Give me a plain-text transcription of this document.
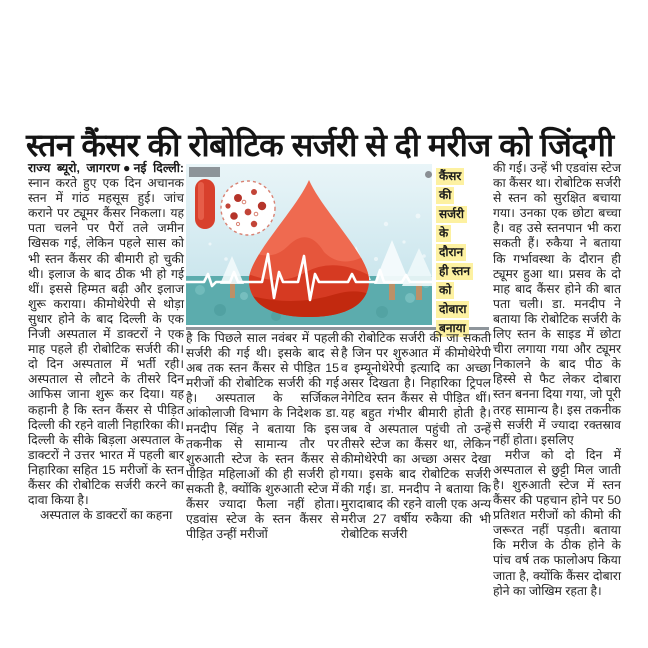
स्तन कैंसर की रोबोटिक सर्जरी से दी मरीज को जिंदगी

राज्य ब्यूरो, जागरण●नई दिल्ली: स्नान करते हुए एक दिन अचानक स्तन में गांठ महसूस हुई। जांच कराने पर ट्यूमर कैंसर निकला। यह पता चलने पर पैरों तले जमीन खिसक गई, लेकिन पहले सास को भी स्तन कैंसर की बीमारी हो चुकी थी। इलाज के बाद ठीक भी हो गई थीं। इससे हिम्मत बढ़ी और इलाज शुरू कराया। कीमोथेरेपी से थोड़ा सुधार होने के बाद दिल्ली के एक निजी अस्पताल में डाक्टरों ने एक माह पहले ही रोबोटिक सर्जरी की। दो दिन अस्पताल में भर्ती रही। अस्पताल से लौटने के तीसरे दिन आफिस जाना शुरू कर दिया। यह कहानी है कि स्तन कैंसर से पीड़ित दिल्ली की रहने वाली निहारिका की। दिल्ली के सीके बिड़ला अस्पताल के डाक्टरों ने उत्तर भारत में पहली बार निहारिका सहित 15 मरीजों के स्तन कैंसर की रोबोटिक सर्जरी करने का दावा किया है।

अस्पताल के डाक्टरों का कहना

कैंसर
की
सर्जरी
के
दौरान
ही स्तन
को
दोबारा
बनाया

है कि पिछले साल नवंबर में पहली सर्जरी की गई थी। इसके बाद से अब तक स्तन कैंसर से पीड़ित 15 मरीजों की रोबोटिक सर्जरी की गई है। अस्पताल के सर्जिकल आंकोलाजी विभाग के निदेशक डा. मनदीप सिंह ने बताया कि इस तकनीक से सामान्य तौर पर शुरुआती स्टेज के स्तन कैंसर से पीड़ित महिलाओं की ही सर्जरी हो सकती है, क्योंकि शुरुआती स्टेज में कैंसर ज्यादा फैला नहीं होता। एडवांस स्टेज के स्तन कैंसर से पीड़ित उन्हीं मरीजों

की रोबोटिक सर्जरी की जा सकती है जिन पर शुरुआत में कीमोथेरेपी व इम्यूनोथेरेपी इत्यादि का अच्छा असर दिखता है। निहारिका ट्रिपल नेगेटिव स्तन कैंसर से पीड़ित थीं। यह बहुत गंभीर बीमारी होती है। जब वे अस्पताल पहुंची तो उन्हें तीसरे स्टेज का कैंसर था, लेकिन कीमोथेरेपी का अच्छा असर देखा गया। इसके बाद रोबोटिक सर्जरी की गई। डा. मनदीप ने बताया कि मुरादाबाद की रहने वाली एक अन्य मरीज 27 वर्षीय रुकैया की भी रोबोटिक सर्जरी

की गई। उन्हें भी एडवांस स्टेज का कैंसर था। रोबोटिक सर्जरी से स्तन को सुरक्षित बचाया गया। उनका एक छोटा बच्चा है। वह उसे स्तनपान भी करा सकती हैं। रुकैया ने बताया कि गर्भावस्था के दौरान ही ट्यूमर हुआ था। प्रसव के दो माह बाद कैंसर होने की बात पता चली। डा. मनदीप ने बताया कि रोबोटिक सर्जरी के लिए स्तन के साइड में छोटा चीरा लगाया गया और ट्यूमर निकालने के बाद पीठ के हिस्से से फैट लेकर दोबारा स्तन बनना दिया गया, जो पूरी तरह सामान्य है। इस तकनीक से सर्जरी में ज्यादा रक्तस्राव नहीं होता। इसलिए

मरीज को दो दिन में अस्पताल से छुट्टी मिल जाती है। शुरुआती स्टेज में स्तन कैंसर की पहचान होने पर 50 प्रतिशत मरीजों को कीमो की जरूरत नहीं पड़ती। बताया कि मरीज के ठीक होने के पांच वर्ष तक फालोअप किया जाता है, क्योंकि कैंसर दोबारा होने का जोखिम रहता है।
